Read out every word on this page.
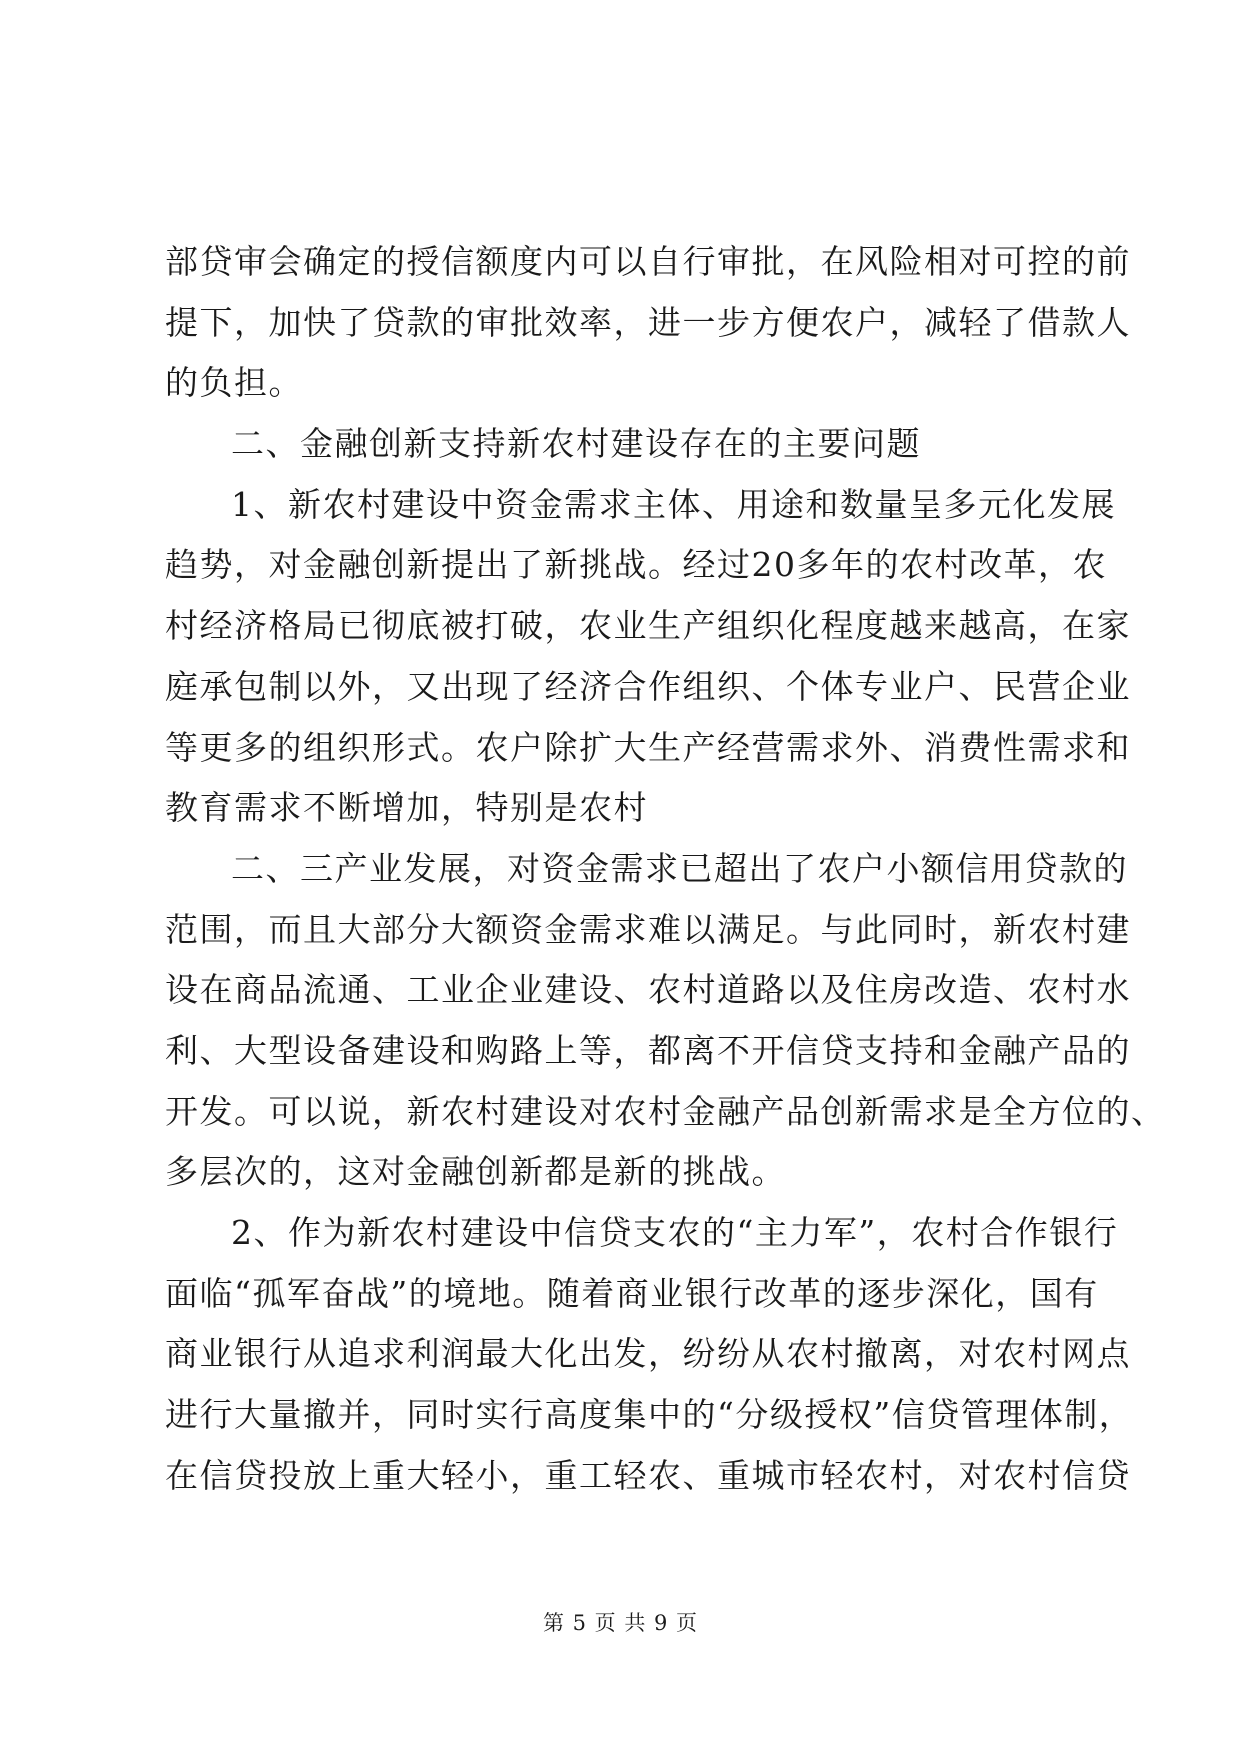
部贷审会确定的授信额度内可以自行审批，在风险相对可控的前
提下，加快了贷款的审批效率，进一步方便农户，减轻了借款人
的负担。
二、金融创新支持新农村建设存在的主要问题
1、新农村建设中资金需求主体、用途和数量呈多元化发展
趋势，对金融创新提出了新挑战。经过20多年的农村改革，农
村经济格局已彻底被打破，农业生产组织化程度越来越高，在家
庭承包制以外，又出现了经济合作组织、个体专业户、民营企业
等更多的组织形式。农户除扩大生产经营需求外、消费性需求和
教育需求不断增加，特别是农村
二、三产业发展，对资金需求已超出了农户小额信用贷款的
范围，而且大部分大额资金需求难以满足。与此同时，新农村建
设在商品流通、工业企业建设、农村道路以及住房改造、农村水
利、大型设备建设和购路上等，都离不开信贷支持和金融产品的
开发。可以说，新农村建设对农村金融产品创新需求是全方位的、
多层次的，这对金融创新都是新的挑战。
2、作为新农村建设中信贷支农的“主力军”，农村合作银行
面临“孤军奋战”的境地。随着商业银行改革的逐步深化，国有
商业银行从追求利润最大化出发，纷纷从农村撤离，对农村网点
进行大量撤并，同时实行高度集中的“分级授权”信贷管理体制，
在信贷投放上重大轻小，重工轻农、重城市轻农村，对农村信贷
第 5 页 共 9 页
